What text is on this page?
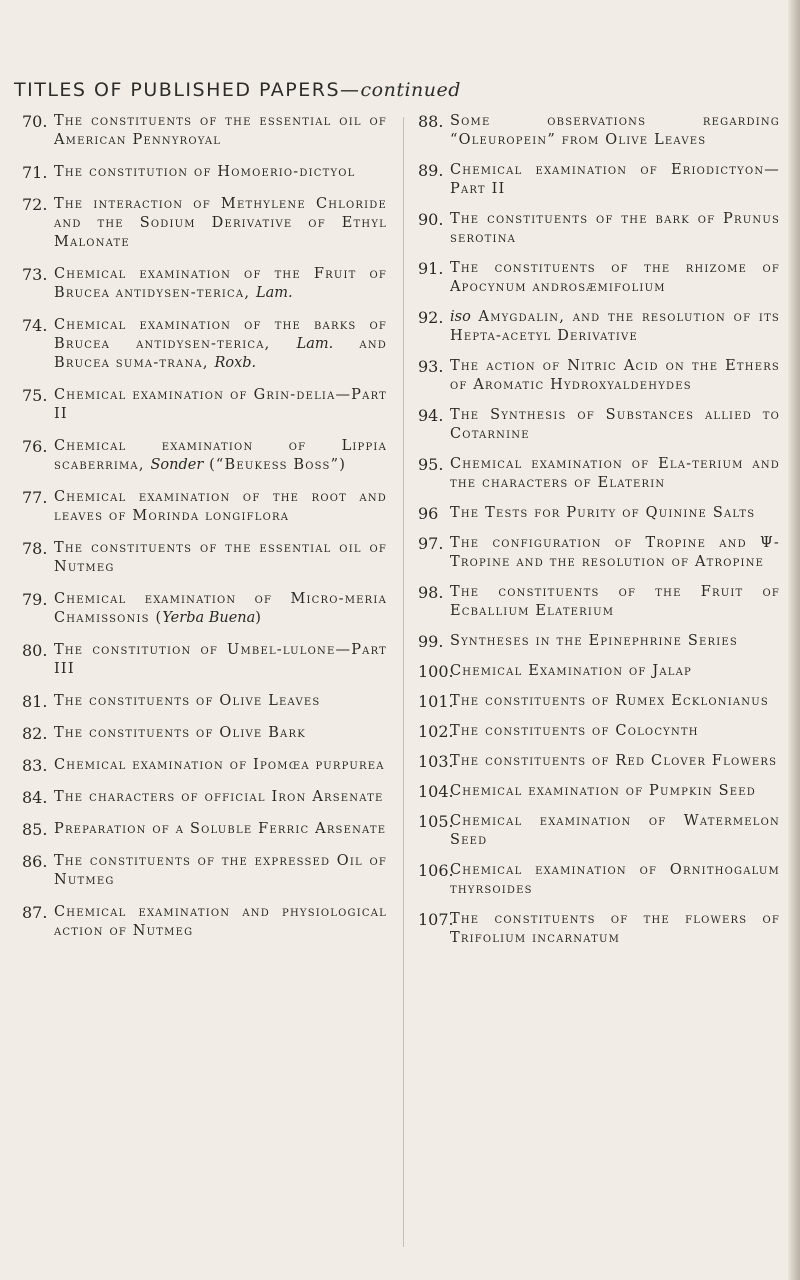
TITLES OF PUBLISHED PAPERS—continued
70. The constituents of the essential oil of American Pennyroyal
71. The constitution of Homoerio-dictyol
72. The interaction of Methylene Chloride and the Sodium Derivative of Ethyl Malonate
73. Chemical examination of the Fruit of Brucea antidysen-terica, Lam.
74. Chemical examination of the barks of Brucea antidysen-terica, Lam. and Brucea suma-trana, Roxb.
75. Chemical examination of Grin-delia—Part II
76. Chemical examination of Lippia scaberrima, Sonder (“Beukess Boss”)
77. Chemical examination of the root and leaves of Morinda longiflora
78. The constituents of the essential oil of Nutmeg
79. Chemical examination of Micro-meria Chamissonis (Yerba Buena)
80. The constitution of Umbel-lulone—Part III
81. The constituents of Olive Leaves
82. The constituents of Olive Bark
83. Chemical examination of Ipomœa purpurea
84. The characters of official Iron Arsenate
85. Preparation of a Soluble Ferric Arsenate
86. The constituents of the expressed Oil of Nutmeg
87. Chemical examination and physiological action of Nutmeg
88. Some observations regarding “Oleuropein” from Olive Leaves
89. Chemical examination of Eriodictyon—Part II
90. The constituents of the bark of Prunus serotina
91. The constituents of the rhizome of Apocynum androsæmifolium
92. iso Amygdalin, and the resolution of its Hepta-acetyl Derivative
93. The action of Nitric Acid on the Ethers of Aromatic Hydroxyaldehydes
94. The Synthesis of Substances allied to Cotarnine
95. Chemical examination of Ela-terium and the characters of Elaterin
96 The Tests for Purity of Quinine Salts
97. The configuration of Tropine and Ψ-Tropine and the resolution of Atropine
98. The constituents of the Fruit of Ecballium Elaterium
99. Syntheses in the Epinephrine Series
100.
Chemical Examination of Jalap
101.
The constituents of Rumex Ecklonianus
102.
The constituents of Colocynth
103.
The constituents of Red Clover Flowers
104.
Chemical examination of Pumpkin Seed
105.
Chemical examination of Watermelon Seed
106.
Chemical examination of Ornithogalum thyrsoides
107.
The constituents of the flowers of Trifolium incarnatum
